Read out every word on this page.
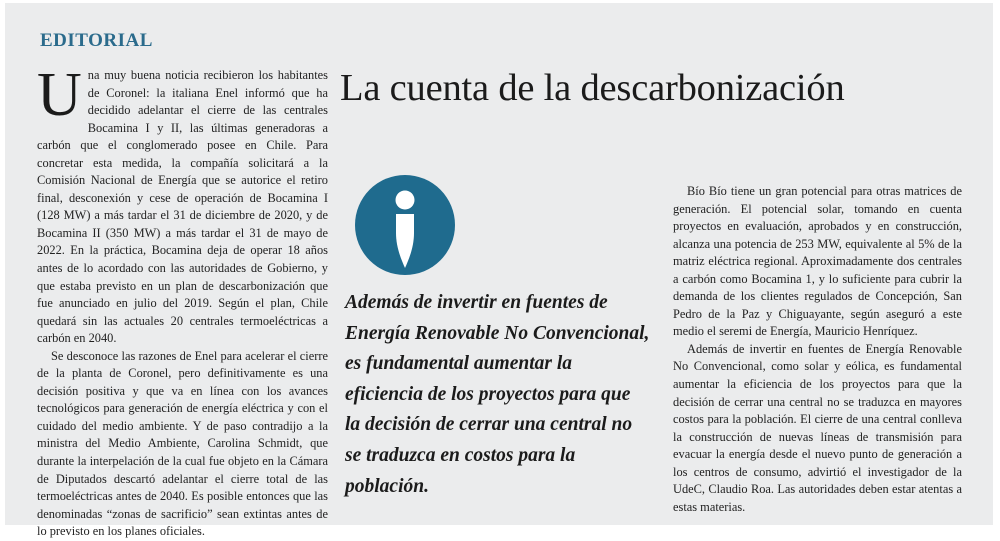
EDITORIAL
La cuenta de la descarbonización

Una muy buena noticia recibieron los habitantes de Coronel: la italiana Enel informó que ha decidido adelantar el cierre de las centrales Bocamina I y II, las últimas generadoras a carbón que el conglomerado posee en Chile. Para concretar esta medida, la compañía solicitará a la Comisión Nacional de Energía que se autorice el retiro final, desconexión y cese de operación de Bocamina I (128 MW) a más tardar el 31 de diciembre de 2020, y de Bocamina II (350 MW) a más tardar el 31 de mayo de 2022. En la práctica, Bocamina deja de operar 18 años antes de lo acordado con las autoridades de Gobierno, y que estaba previsto en un plan de descarbonización que fue anunciado en julio del 2019. Según el plan, Chile quedará sin las actuales 20 centrales termoeléctricas a carbón en 2040.

Se desconoce las razones de Enel para acelerar el cierre de la planta de Coronel, pero definitivamente es una decisión positiva y que va en línea con los avances tecnológicos para generación de energía eléctrica y con el cuidado del medio ambiente. Y de paso contradijo a la ministra del Medio Ambiente, Carolina Schmidt, que durante la interpelación de la cual fue objeto en la Cámara de Diputados descartó adelantar el cierre total de las termoeléctricas antes de 2040. Es posible entonces que las denominadas “zonas de sacrificio” sean extintas antes de lo previsto en los planes oficiales.

Además de invertir en fuentes de Energía Renovable No Convencional, es fundamental aumentar la eficiencia de los proyectos para que la decisión de cerrar una central no se traduzca en costos para la población.

Bío Bío tiene un gran potencial para otras matrices de generación. El potencial solar, tomando en cuenta proyectos en evaluación, aprobados y en construcción, alcanza una potencia de 253 MW, equivalente al 5% de la matriz eléctrica regional. Aproximadamente dos centrales a carbón como Bocamina 1, y lo suficiente para cubrir la demanda de los clientes regulados de Concepción, San Pedro de la Paz y Chiguayante, según aseguró a este medio el seremi de Energía, Mauricio Henríquez.

Además de invertir en fuentes de Energía Renovable No Convencional, como solar y eólica, es fundamental aumentar la eficiencia de los proyectos para que la decisión de cerrar una central no se traduzca en mayores costos para la población. El cierre de una central conlleva la construcción de nuevas líneas de transmisión para evacuar la energía desde el nuevo punto de generación a los centros de consumo, advirtió el investigador de la UdeC, Claudio Roa. Las autoridades deben estar atentas a estas materias.
